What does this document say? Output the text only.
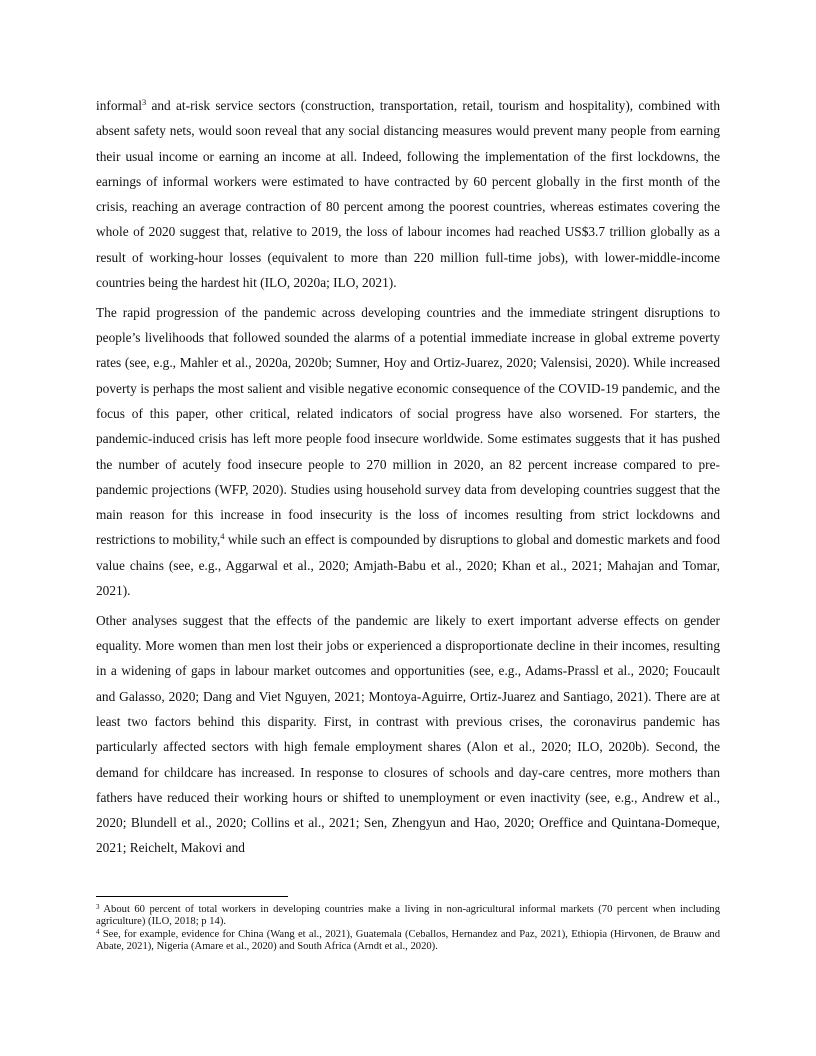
informal$^3$ and at-risk service sectors (construction, transportation, retail, tourism and hospitality), combined with absent safety nets, would soon reveal that any social distancing measures would prevent many people from earning their usual income or earning an income at all. Indeed, following the implementation of the first lockdowns, the earnings of informal workers were estimated to have contracted by 60 percent globally in the first month of the crisis, reaching an average contraction of 80 percent among the poorest countries, whereas estimates covering the whole of 2020 suggest that, relative to 2019, the loss of labour incomes had reached US$3.7 trillion globally as a result of working-hour losses (equivalent to more than 220 million full-time jobs), with lower-middle-income countries being the hardest hit (ILO, 2020a; ILO, 2021).

The rapid progression of the pandemic across developing countries and the immediate stringent disruptions to people’s livelihoods that followed sounded the alarms of a potential immediate increase in global extreme poverty rates (see, e.g., Mahler et al., 2020a, 2020b; Sumner, Hoy and Ortiz-Juarez, 2020; Valensisi, 2020). While increased poverty is perhaps the most salient and visible negative economic consequence of the COVID-19 pandemic, and the focus of this paper, other critical, related indicators of social progress have also worsened. For starters, the pandemic-induced crisis has left more people food insecure worldwide. Some estimates suggests that it has pushed the number of acutely food insecure people to 270 million in 2020, an 82 percent increase compared to pre-pandemic projections (WFP, 2020). Studies using household survey data from developing countries suggest that the main reason for this increase in food insecurity is the loss of incomes resulting from strict lockdowns and restrictions to mobility,$^4$ while such an effect is compounded by disruptions to global and domestic markets and food value chains (see, e.g., Aggarwal et al., 2020; Amjath-Babu et al., 2020; Khan et al., 2021; Mahajan and Tomar, 2021).

Other analyses suggest that the effects of the pandemic are likely to exert important adverse effects on gender equality. More women than men lost their jobs or experienced a disproportionate decline in their incomes, resulting in a widening of gaps in labour market outcomes and opportunities (see, e.g., Adams-Prassl et al., 2020; Foucault and Galasso, 2020; Dang and Viet Nguyen, 2021; Montoya-Aguirre, Ortiz-Juarez and Santiago, 2021). There are at least two factors behind this disparity. First, in contrast with previous crises, the coronavirus pandemic has particularly affected sectors with high female employment shares (Alon et al., 2020; ILO, 2020b). Second, the demand for childcare has increased. In response to closures of schools and day-care centres, more mothers than fathers have reduced their working hours or shifted to unemployment or even inactivity (see, e.g., Andrew et al., 2020; Blundell et al., 2020; Collins et al., 2021; Sen, Zhengyun and Hao, 2020; Oreffice and Quintana-Domeque, 2021; Reichelt, Makovi and

$^3$ About 60 percent of total workers in developing countries make a living in non-agricultural informal markets (70 percent when including agriculture) (ILO, 2018; p 14).

$^4$ See, for example, evidence for China (Wang et al., 2021), Guatemala (Ceballos, Hernandez and Paz, 2021), Ethiopia (Hirvonen, de Brauw and Abate, 2021), Nigeria (Amare et al., 2020) and South Africa (Arndt et al., 2020).
